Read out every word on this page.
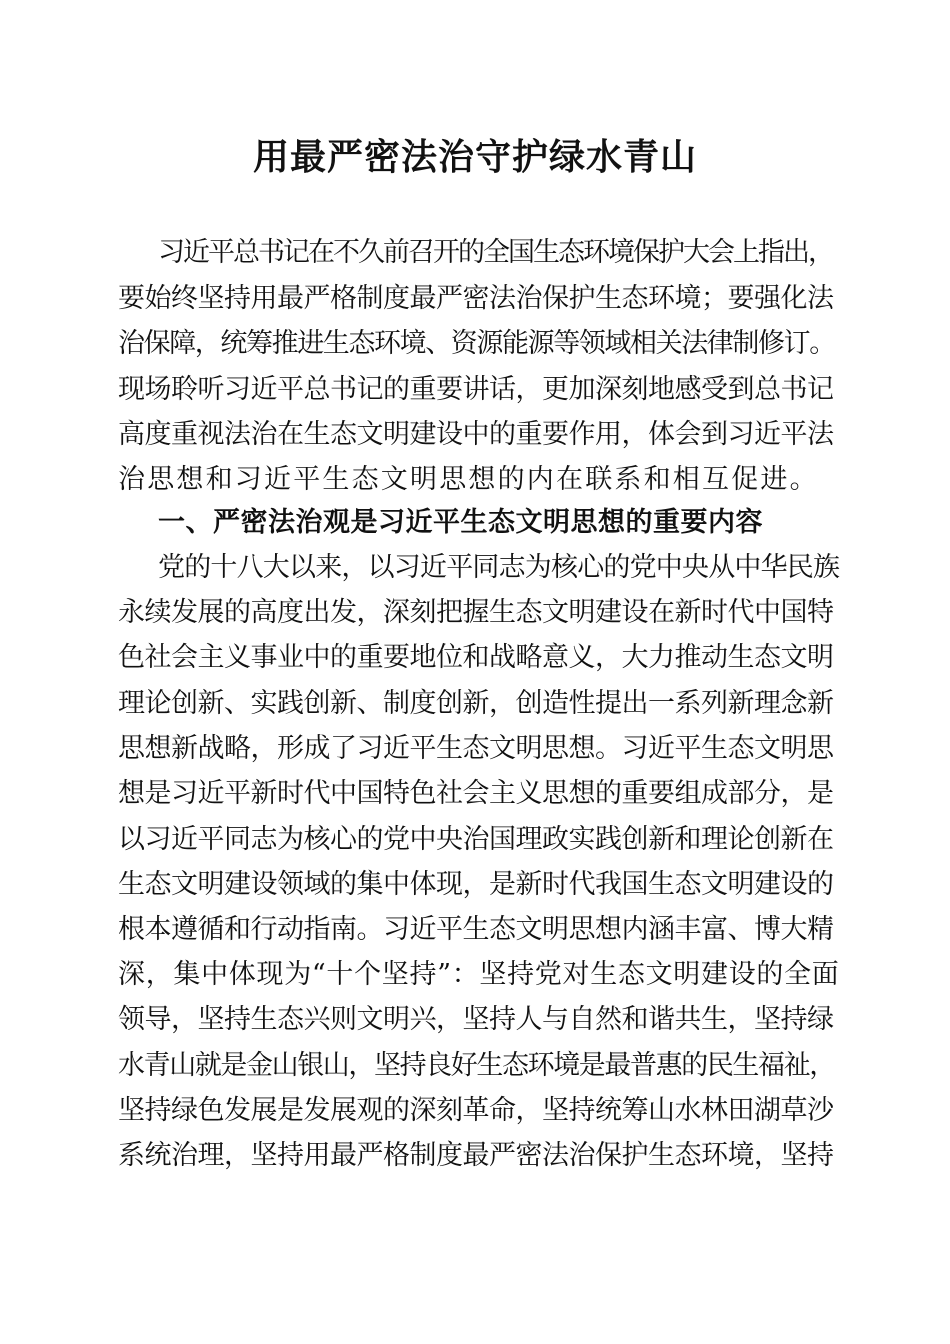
用最严密法治守护绿水青山
习近平总书记在不久前召开的全国生态环境保护大会上指出，
要始终坚持用最严格制度最严密法治保护生态环境；要强化法
治保障，统筹推进生态环境、资源能源等领域相关法律制修订。
现场聆听习近平总书记的重要讲话，更加深刻地感受到总书记
高度重视法治在生态文明建设中的重要作用，体会到习近平法
治思想和习近平生态文明思想的内在联系和相互促进。
一、严密法治观是习近平生态文明思想的重要内容
党的十八大以来，以习近平同志为核心的党中央从中华民族
永续发展的高度出发，深刻把握生态文明建设在新时代中国特
色社会主义事业中的重要地位和战略意义，大力推动生态文明
理论创新、实践创新、制度创新，创造性提出一系列新理念新
思想新战略，形成了习近平生态文明思想。习近平生态文明思
想是习近平新时代中国特色社会主义思想的重要组成部分，是
以习近平同志为核心的党中央治国理政实践创新和理论创新在
生态文明建设领域的集中体现，是新时代我国生态文明建设的
根本遵循和行动指南。习近平生态文明思想内涵丰富、博大精
深，集中体现为“十个坚持”：坚持党对生态文明建设的全面
领导，坚持生态兴则文明兴，坚持人与自然和谐共生，坚持绿
水青山就是金山银山，坚持良好生态环境是最普惠的民生福祉，
坚持绿色发展是发展观的深刻革命，坚持统筹山水林田湖草沙
系统治理，坚持用最严格制度最严密法治保护生态环境，坚持
